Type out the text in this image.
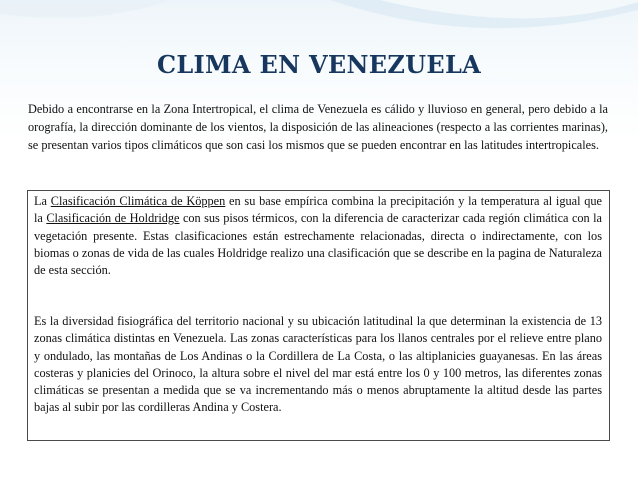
CLIMA EN VENEZUELA

Debido a encontrarse en la Zona Intertropical, el clima de Venezuela es cálido y lluvioso en general, pero debido a la orografía, la dirección dominante de los vientos, la disposición de las alineaciones (respecto a las corrientes marinas), se presentan varios tipos climáticos que son casi los mismos que se pueden encontrar en las latitudes intertropicales.

La Clasificación Climática de Köppen en su base empírica combina la precipitación y la temperatura al igual que la Clasificación de Holdridge con sus pisos térmicos, con la diferencia de caracterizar cada región climática con la vegetación presente. Estas clasificaciones están estrechamente relacionadas, directa o indirectamente, con los biomas o zonas de vida de las cuales Holdridge realizo una clasificación que se describe en la pagina de Naturaleza de esta sección.

Es la diversidad fisiográfica del territorio nacional y su ubicación latitudinal la que determinan la existencia de 13 zonas climática distintas en Venezuela. Las zonas características para los llanos centrales por el relieve entre plano y ondulado, las montañas de Los Andinas o la Cordillera de La Costa, o las altiplanicies guayanesas. En las áreas costeras y planicies del Orinoco, la altura sobre el nivel del mar está entre los 0 y 100 metros, las diferentes zonas climáticas se presentan a medida que se va incrementando más o menos abruptamente la altitud desde las partes bajas al subir por las cordilleras Andina y Costera.
